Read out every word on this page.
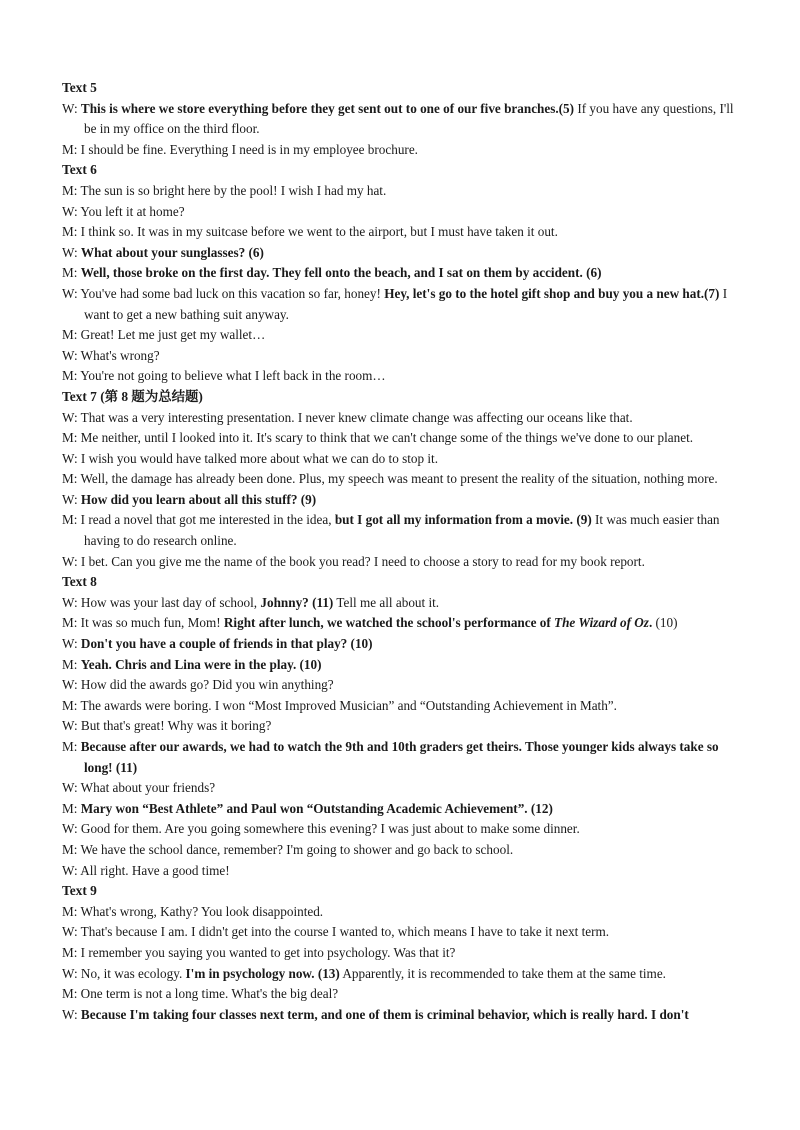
Text 5

W: This is where we store everything before they get sent out to one of our five branches.(5) If you have any questions, I'll be in my office on the third floor.

M: I should be fine. Everything I need is in my employee brochure.

Text 6

M: The sun is so bright here by the pool! I wish I had my hat.

W: You left it at home?

M: I think so. It was in my suitcase before we went to the airport, but I must have taken it out.

W: What about your sunglasses? (6)

M: Well, those broke on the first day. They fell onto the beach, and I sat on them by accident. (6)

W: You've had some bad luck on this vacation so far, honey! Hey, let's go to the hotel gift shop and buy you a new hat.(7) I want to get a new bathing suit anyway.

M: Great! Let me just get my wallet…

W: What's wrong?

M: You're not going to believe what I left back in the room…

Text 7 (第 8 题为总结题)

W: That was a very interesting presentation. I never knew climate change was affecting our oceans like that.

M: Me neither, until I looked into it. It's scary to think that we can't change some of the things we've done to our planet.

W: I wish you would have talked more about what we can do to stop it.

M: Well, the damage has already been done. Plus, my speech was meant to present the reality of the situation, nothing more.

W: How did you learn about all this stuff? (9)

M: I read a novel that got me interested in the idea, but I got all my information from a movie. (9) It was much easier than having to do research online.

W: I bet. Can you give me the name of the book you read? I need to choose a story to read for my book report.

Text 8

W: How was your last day of school, Johnny? (11) Tell me all about it.

M: It was so much fun, Mom! Right after lunch, we watched the school's performance of The Wizard of Oz. (10)

W: Don't you have a couple of friends in that play? (10)

M: Yeah. Chris and Lina were in the play. (10)

W: How did the awards go? Did you win anything?

M: The awards were boring. I won “Most Improved Musician” and “Outstanding Achievement in Math”.

W: But that's great! Why was it boring?

M: Because after our awards, we had to watch the 9th and 10th graders get theirs. Those younger kids always take so long! (11)

W: What about your friends?

M: Mary won “Best Athlete” and Paul won “Outstanding Academic Achievement”. (12)

W: Good for them. Are you going somewhere this evening? I was just about to make some dinner.

M: We have the school dance, remember? I'm going to shower and go back to school.

W: All right. Have a good time!

Text 9

M: What's wrong, Kathy? You look disappointed.

W: That's because I am. I didn't get into the course I wanted to, which means I have to take it next term.

M: I remember you saying you wanted to get into psychology. Was that it?

W: No, it was ecology. I'm in psychology now. (13) Apparently, it is recommended to take them at the same time.

M: One term is not a long time. What's the big deal?

W: Because I'm taking four classes next term, and one of them is criminal behavior, which is really hard. I don't
